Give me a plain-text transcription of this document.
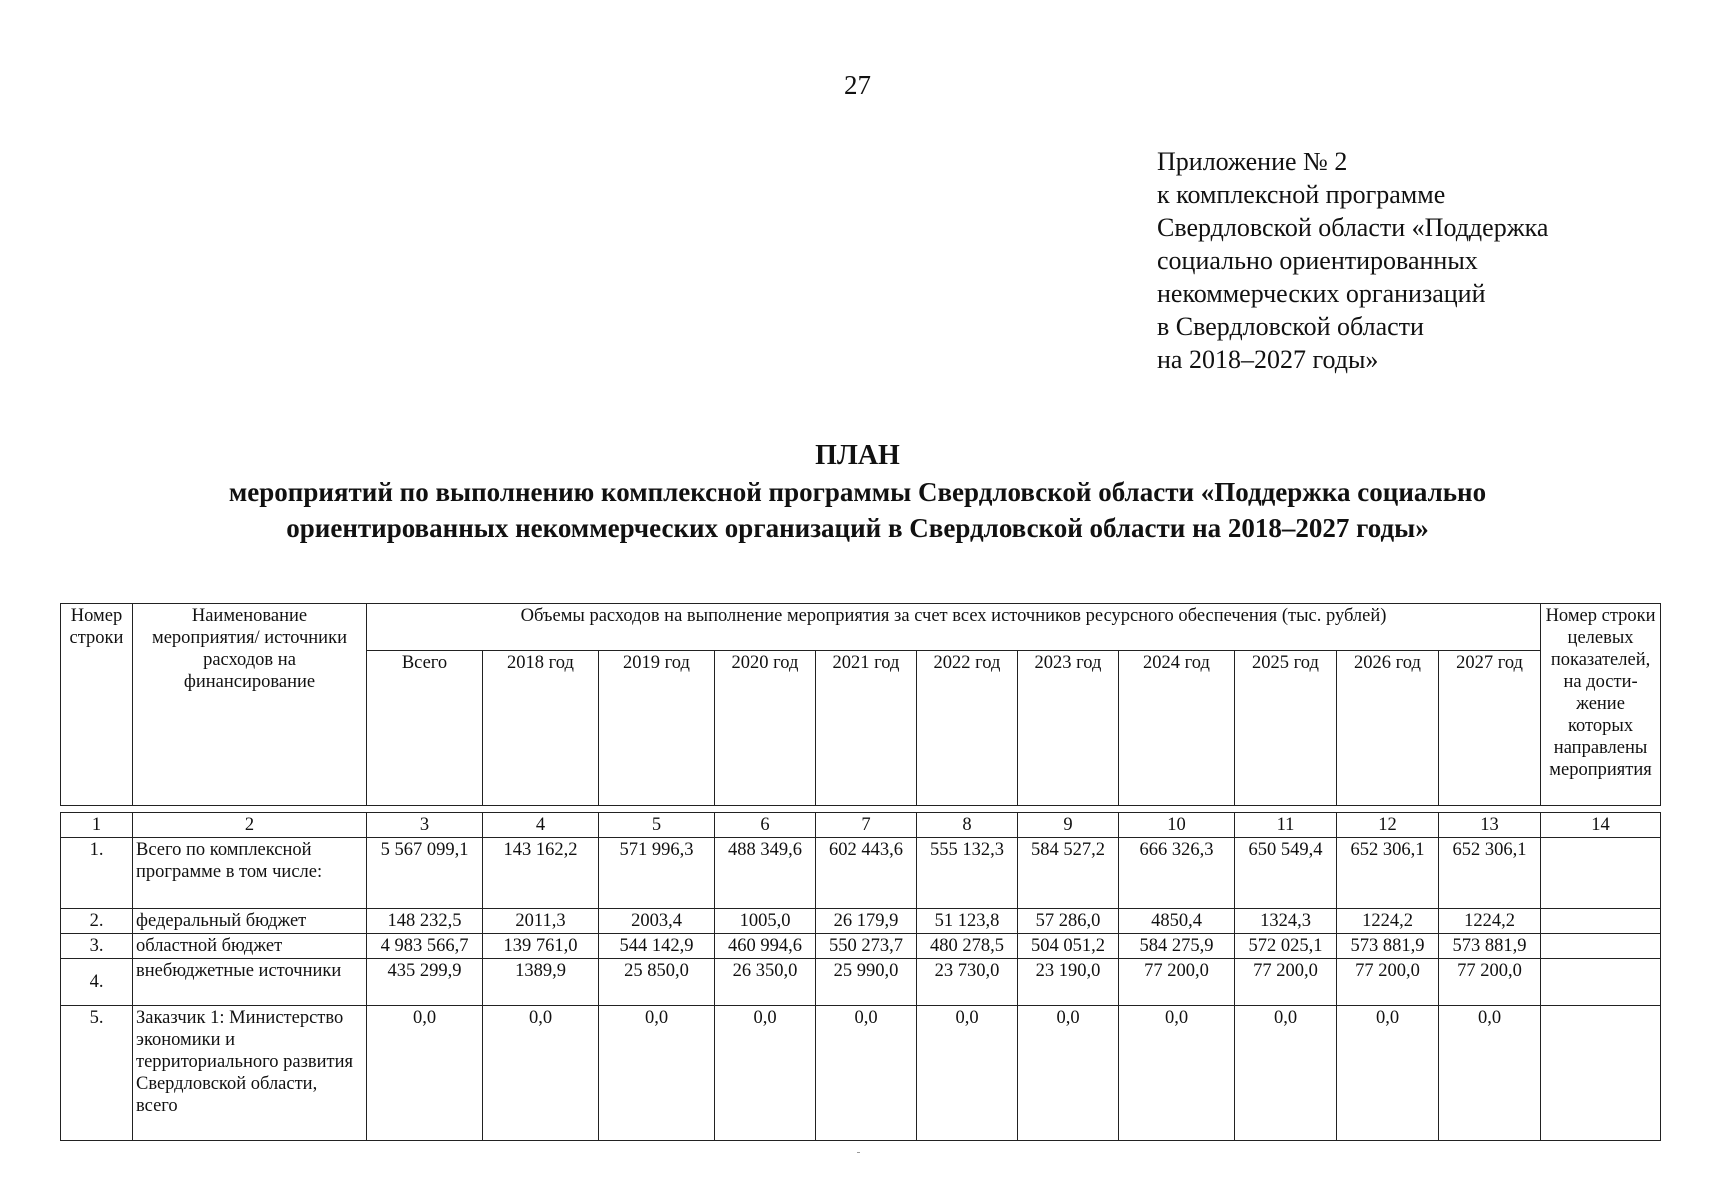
27
Приложение № 2
к комплексной программе
Свердловской области «Поддержка
социально ориентированных
некоммерческих организаций
в Свердловской области
на 2018–2027 годы»
ПЛАН
мероприятий по выполнению комплексной программы Свердловской области «Поддержка социально
ориентированных некоммерческих организаций в Свердловской области на 2018–2027 годы»
Номер строки	Наименование мероприятия/ источники расходов на финансирование	Объемы расходов на выполнение мероприятия за счет всех источников ресурсного обеспечения (тыс. рублей)											Номер строки целевых показателей, на дости-жение которых направлены мероприятия
		Всего	2018 год	2019 год	2020 год	2021 год	2022 год	2023 год	2024 год	2025 год	2026 год	2027 год	

1	2	3	4	5	6	7	8	9	10	11	12	13	14
1.	Всего по комплексной программе в том числе:	5 567 099,1	143 162,2	571 996,3	488 349,6	602 443,6	555 132,3	584 527,2	666 326,3	650 549,4	652 306,1	652 306,1	
2.	федеральный бюджет	148 232,5	2011,3	2003,4	1005,0	26 179,9	51 123,8	57 286,0	4850,4	1324,3	1224,2	1224,2	
3.	областной бюджет	4 983 566,7	139 761,0	544 142,9	460 994,6	550 273,7	480 278,5	504 051,2	584 275,9	572 025,1	573 881,9	573 881,9	
4.	внебюджетные источники	435 299,9	1389,9	25 850,0	26 350,0	25 990,0	23 730,0	23 190,0	77 200,0	77 200,0	77 200,0	77 200,0	
5.	Заказчик 1: Министерство экономики и территориального развития Свердловской области, всего	0,0	0,0	0,0	0,0	0,0	0,0	0,0	0,0	0,0	0,0	0,0	
